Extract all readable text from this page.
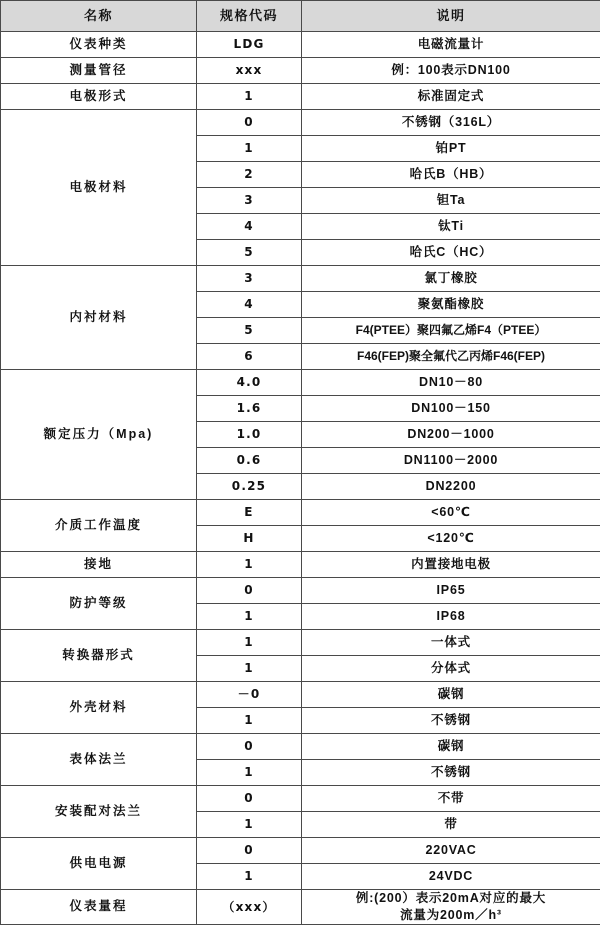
名称	规格代码	说明
仪表种类	LDG	电磁流量计
测量管径	xxx	例：100表示DN100
电极形式	1	标准固定式
电极材料	0	不锈钢（316L）
	1	铂PT
	2	哈氏B（HB）
	3	钽Ta
	4	钛Ti
	5	哈氏C（HC）
内衬材料	3	氯丁橡胶
	4	聚氨酯橡胶
	5	F4(PTEE）聚四氟乙烯F4（PTEE）
	6	F46(FEP)聚全氟代乙丙烯F46(FEP)
额定压力（Mpa)	4.0	DN10－80
	1.6	DN100－150
	1.0	DN200－1000
	0.6	DN1100－2000
	0.25	DN2200
介质工作温度	E	<60℃
	H	<120℃
接地	1	内置接地电极
防护等级	0	IP65
	1	IP68
转换器形式	1	一体式
	1	分体式
外壳材料	－0	碳钢
	1	不锈钢
表体法兰	0	碳钢
	1	不锈钢
安装配对法兰	0	不带
	1	带
供电电源	0	220VAC
	1	24VDC
仪表量程	（xxx）	例:(200）表示20mA对应的最大
流量为200m／h³
